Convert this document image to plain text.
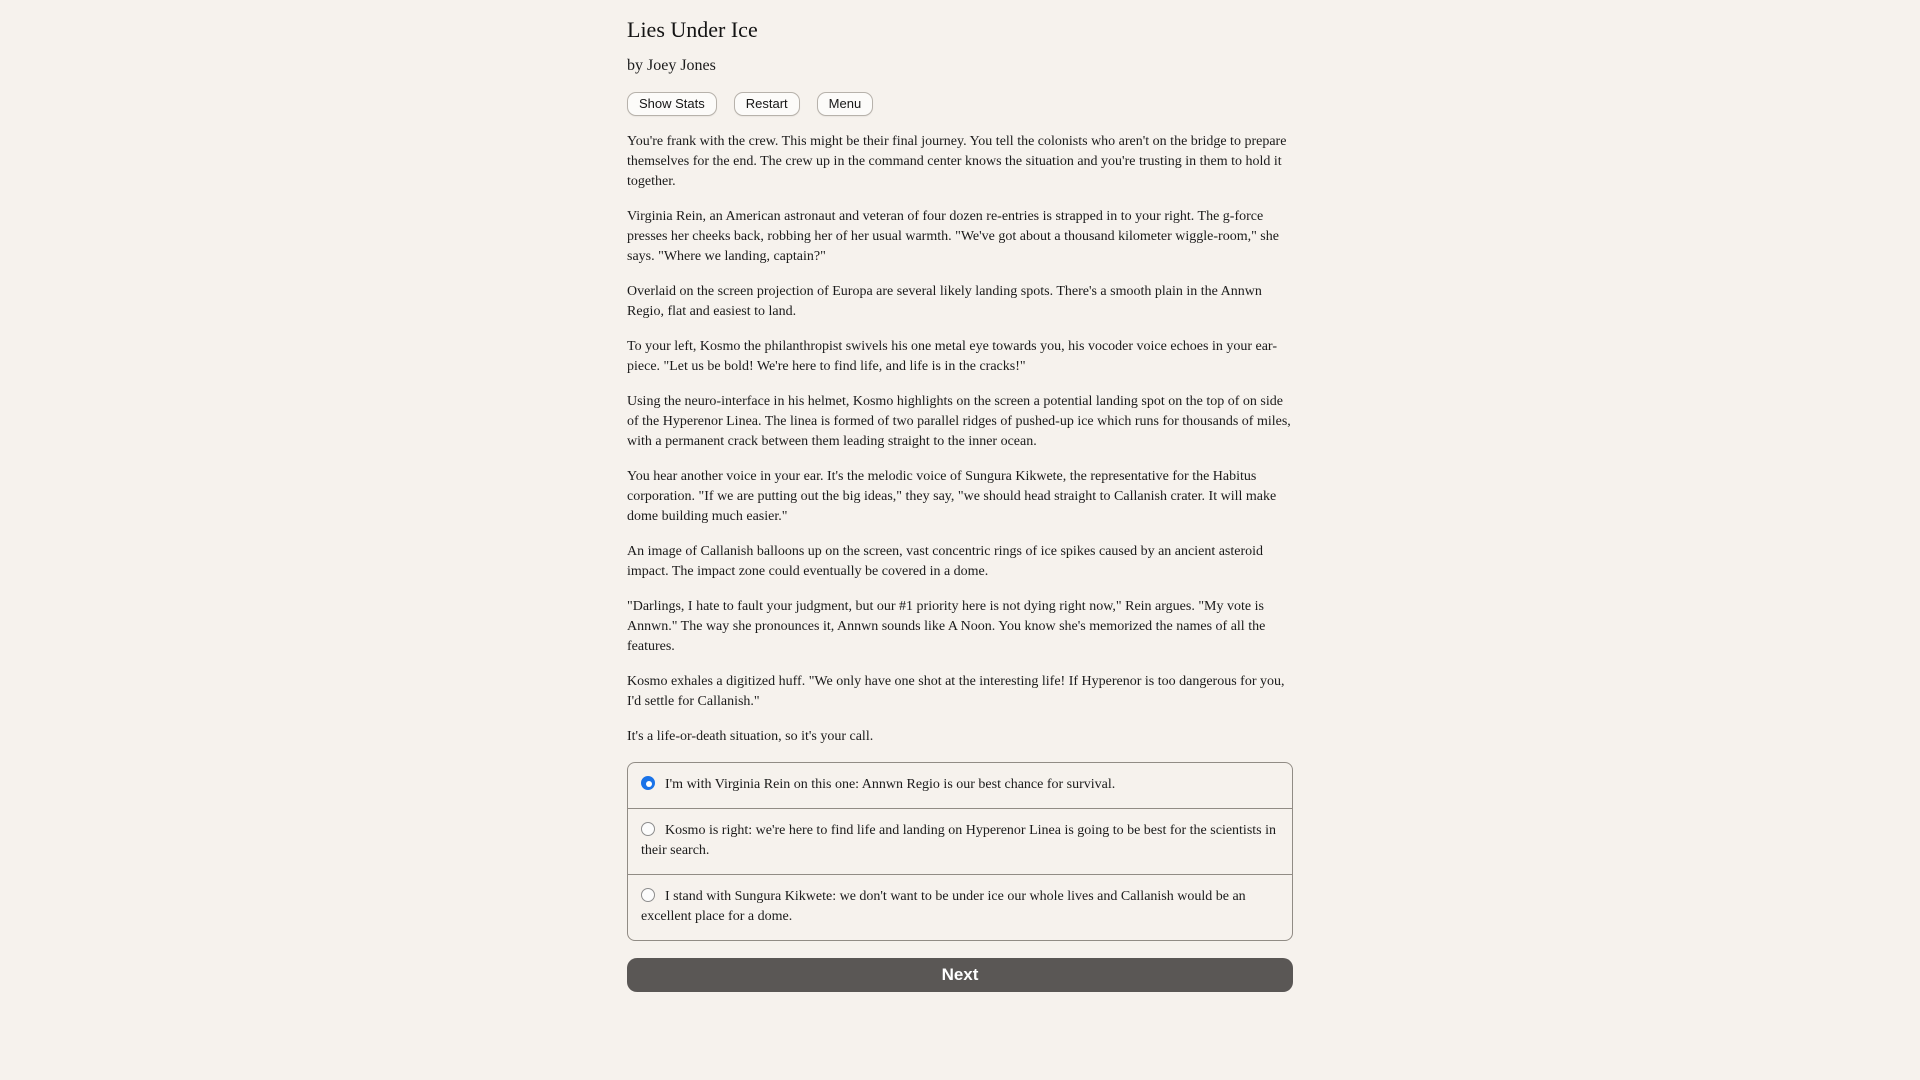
Lies Under Ice
by Joey Jones
Show Stats	Restart	Menu

You're frank with the crew. This might be their final journey. You tell the colonists who aren't on the bridge to prepare themselves for the end. The crew up in the command center knows the situation and you're trusting in them to hold it together.

Virginia Rein, an American astronaut and veteran of four dozen re-entries is strapped in to your right. The g-force presses her cheeks back, robbing her of her usual warmth. "We've got about a thousand kilometer wiggle-room," she says. "Where we landing, captain?"

Overlaid on the screen projection of Europa are several likely landing spots. There's a smooth plain in the Annwn Regio, flat and easiest to land.

To your left, Kosmo the philanthropist swivels his one metal eye towards you, his vocoder voice echoes in your ear-piece. "Let us be bold! We're here to find life, and life is in the cracks!"

Using the neuro-interface in his helmet, Kosmo highlights on the screen a potential landing spot on the top of on side of the Hyperenor Linea. The linea is formed of two parallel ridges of pushed-up ice which runs for thousands of miles, with a permanent crack between them leading straight to the inner ocean.

You hear another voice in your ear. It's the melodic voice of Sungura Kikwete, the representative for the Habitus corporation. "If we are putting out the big ideas," they say, "we should head straight to Callanish crater. It will make dome building much easier."

An image of Callanish balloons up on the screen, vast concentric rings of ice spikes caused by an ancient asteroid impact. The impact zone could eventually be covered in a dome.

"Darlings, I hate to fault your judgment, but our #1 priority here is not dying right now," Rein argues. "My vote is Annwn." The way she pronounces it, Annwn sounds like A Noon. You know she's memorized the names of all the features.

Kosmo exhales a digitized huff. "We only have one shot at the interesting life! If Hyperenor is too dangerous for you, I'd settle for Callanish."

It's a life-or-death situation, so it's your call.

I'm with Virginia Rein on this one: Annwn Regio is our best chance for survival.
Kosmo is right: we're here to find life and landing on Hyperenor Linea is going to be best for the scientists in their search.
I stand with Sungura Kikwete: we don't want to be under ice our whole lives and Callanish would be an excellent place for a dome.
Next
